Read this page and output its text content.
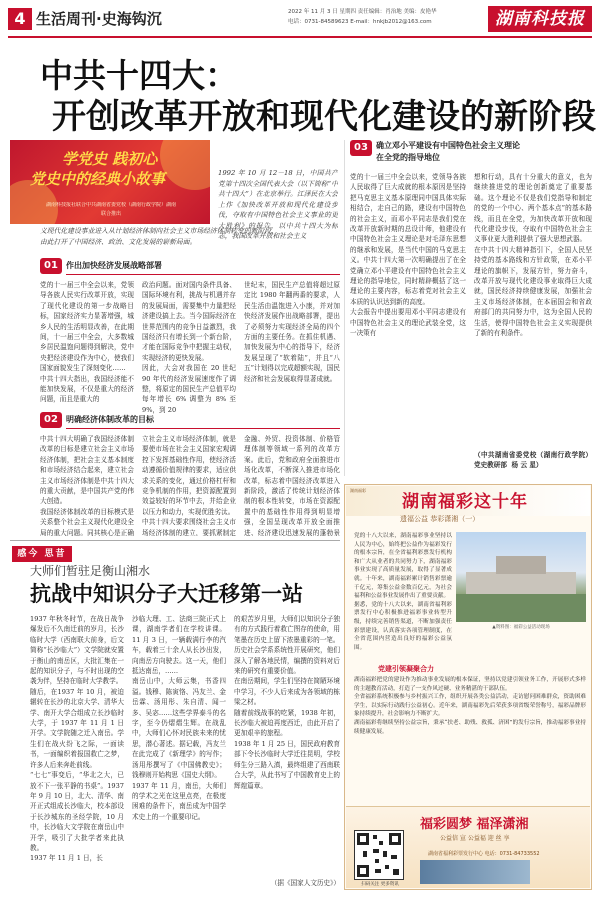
4 生活周刊·史海钩沉	2022 年 11 月 3 日 星期四 责任编辑：肖治地 美编：皮艳华
电话：0731-84589623 E-mail：hnkjb2012@163.com	湖南科技报
中共十四大：
开创改革开放和现代化建设的新阶段
学党史 践初心
党史中的经典小故事
湖南科技报社联合中共湖南省委党校（湖南行政学院）湖南
联合推出
1992 年 10 月 12－18 日，中国共产党第十四次全国代表大会（以下简称“中共十四大”）在北京举行。江泽民在大会上作《加快改革开放和现代化建设步伐，夺取有中国特色社会主义事业的更大胜利》的报告，以中共十四大为标志，我国改革开放和社会主义
义现代化建设事业进入从计划经济体制向社会主义市场经济体制转变的新阶段，
由此打开了中国经济、政治、文化发展的崭新局面。
01	作出加快经济发展战略部署
党的十一届三中全会以来，党领导各族人民实行改革开放，实现了现代化建设的第一步战略目标，国家经济实力显著增强，城乡人民的生活明显改善，在此期间，十一届三中全会，大多数城乡居民温饱问题得到解决，党中央把经济建设作为中心，使我们国家面貌发生了深刻变化……
中共十四大指出，我国经济能不能加快发展，不仅是重大的经济问题，而且是重大的
政治问题。面对国内条件具备、国际环境有利，挑战与机遇并存的发展局面，需要集中力量把经济建设搞上去。当今国际经济在世界范围内的竞争日益激烈，我国经济只有增长到一个新台阶，才能在国际竞争中把握主动权，实现经济的更快发展。
因此，大会对我国在 20 世纪 90 年代的经济发展速度作了调整，将原定的国民生产总值平均每年增长 6% 调整为 8% 至 9%，到 20
世纪末，国民生产总值将超过原定比 1980 年翻两番的要求，人民生活由温饱进入小康，并对加快经济发展作出战略部署，提出了必须努力实现经济全局的四个方面的主要任务。在抓住机遇、加快发展为中心的指导下，经济发展呈现了“软着陆”，并且“八五”计划得以完成超额实现，国民经济和社会发展取得显著成就。
02	明确经济体制改革的目标
中共十四大明确了我国经济体制改革的目标是建立社会主义市场经济体制，把社会主义基本制度和市场经济结合起来，建立社会主义市场经济体制是中共十四大的重大贡献，是中国共产党的伟大创造。
我国经济体制改革的目标模式是关系整个社会主义现代化建设全局的重大问题。同其核心是正确
立社会主义市场经济体制，就是要使市场在社会主义国家宏观调控下发挥基础性作用，使经济活动遵循价值规律的要求，适应供求关系的变化，通过价格杠杆和竞争机制的作用，把资源配置到效益较好的环节中去，并给企业以压力和动力，实现优胜劣汰。
中共十四大要求围绕社会主义市场经济体制的建立，要抓紧制定
金融、外贸、投资体制、价格管理体制等领域一系列的改革方案。此后，党和政府全面推进市场化改革，不断深入推进市场化改革，标志着中国经济改革进入新阶段，激活了传统计划经济体制的根本性转变，市场在资源配置中的基础性作用得到明显增强，全国呈现改革开放全面推进、经济建设迅速发展的蓬勃景
03	确立邓小平建设有中国特色社会主义理论
在全党的指导地位
党的十一届三中全会以来，党领导各族人民取得了巨大成就的根本原因是坚持把马克思主义基本原理同中国具体实际相结合，走自己的路，建设有中国特色的社会主义，而邓小平同志是我们党在改革开放新时期的总设计师，他建设有中国特色社会主义理论是对毛泽东思想的继承和发展，是当代中国的马克思主义。中共十四大第一次明确提出了在全党确立邓小平建设有中国特色社会主义理论的指导地位，同时精辟概括了这一理论的主要内容，标志着党对社会主义本质的认识达到新的高度。
大会报告中提出要用邓小平同志建设有中国特色社会主义的理论武装全党，这一决策有
想和行动，具有十分重大的意义，也为继续推进党的理论创新奠定了重要基础。这个理论不仅是我们党指导和制定的党的一个中心、两个基本点”的基本路线，而且在全党，为加快改革开放和现代化建设步伐，夺取有中国特色社会主义事业更大胜利提供了强大思想武器。
在中共十四大精神指引下，全国人民坚持党的基本路线和方针政策，在邓小平理论的旗帜下，发展方针，努力奋斗，改革开放与现代化建设事业取得巨大成就，国民经济持续健康发展，加强社会主义市场经济体制，在本届国会和省政府部门的共同努力中，这为全国人民的生活，使得中国特色社会主义实现提供了新的有利条件。
（中共湖南省委党校（湖南行政学院）党史教研部  杨 云 星）
感今 思昔
大师们暂驻足衡山湘水
抗战中知识分子大迁移第一站
1937 年秋冬时节，在战日战争爆发后不久南迁前的岁月，长沙临时大学（西南联大前身，后文简称“长沙临大”）文学院就安置于衡山的南岳区，大批汇集在一起的知识分子，与不时出现的空袭为伴，坚持在临时大学教学。
随后，在1937 年 10 月，被迫辗转在长沙的北京大学、清华大学、南开大学合组成立长沙临时大学，于 1937 年 11 月 1 日开学。文学院随之迁入南岳。学生们在战火纷飞之际，一面读书，一面编织着报国救亡之梦，许多人后来奔赴前线。
“七七”事变后，“华北之大，已放不下一张平静的书桌”。1937 年 9 月 10 日，北大、清华、南开正式组成长沙临大，校本部设于长沙城东的圣经学院，10 月中，长沙临大文学院在南岳山中开学，吸引了大批学者来此执教。
1937 年 11 月 1 日，长
沙临大理、工、法商三院正式上课，湖南学者们在学校讲课。11 月 3 日，一辆载满行李的汽车，载着三十余人从长沙出发，向南岳方向驶去。这一天，他们抵达南岳，……
南岳山中，大师云集，书香四溢。钱穆、陈寅恪、冯友兰、金岳霖、汤用彤、朱自清、闻一多、吴宓……这些学界泰斗的名字，至今仍熠熠生辉。在战乱中，大师们心怀对民族未来的忧思，潜心著述。据记载，冯友兰在此完成了《新理学》的写作；汤用彤撰写了《中国佛教史》；钱穆则开始构思《国史大纲》。
1937 年 11 月，南岳，大师们的学术之光在这里点亮，在极度困难的条件下，南岳成为中国学术史上的一个重要印记。
的艰苦岁月里，大师们以知识分子独有的方式践行着救亡图存的使命，用笔墨在历史上留下浓墨重彩的一笔。
历史社会学系系统性开展研究，他们深入了解各地民情，编撰的资料对后来的研究有重要价值。
在南岳期间，学生们坚持在简陋环境中学习，不少人后来成为各领域的栋梁之材。
随着前线战事的吃紧，1938 年初，长沙临大被迫再度西迁，由此开启了更加艰辛的旅程。
1938 年 1 月 25 日，国民政府教育部下令长沙临时大学迁往昆明，学校师生分三路入滇，最终组建了西南联合大学，从此书写了中国教育史上的辉煌篇章。
（据《国家人文历史》）
湖南福彩
湖南福彩这十年
遗福公益 恭彩潇湘（一）
党的十八大以来，湖南福彩事业坚持以人民为中心，始终把公益作为福彩发行的根本宗旨，在全省福利彩票发行机构和广大从业者的共同努力下，湖南福彩事业实现了高质量发展，取得了显著成就。十年来，湖南福彩累计销售彩票逾千亿元，筹集公益金数百亿元，为社会福利和公益事业发展作出了重要贡献。
据悉，党的十八大以来，湖南省福利彩票发行中心积极推进福彩事业转型升级，持续完善销售渠道，不断加强责任彩票建设，认真落实各项管理制度，在全省范围内营造出良好的福彩公益氛围。
▲资料图：福彩公益活动现场
党建引领凝聚合力
湖南福彩把党的建设作为推动事业发展的根本保证，坚持以党建引领业务工作，开展形式多样的主题教育活动，打造了一支作风过硬、业务精湛的干部队伍。
全省福彩系统积极参与乡村振兴工作，组织开展各类公益活动，走访慰问困难群众，资助困难学生，以实际行动践行公益初心。近年来，湖南福彩先后荣获多项省级荣誉称号，福彩品牌形象持续提升，社会影响力不断扩大。
湖南福彩将继续坚持公益宗旨，秉承“扶老、助残、救孤、济困”的发行宗旨，推动福彩事业持续健康发展。
福彩圆梦 福泽潇湘
公益信 宣 公益福 迎 丝 享
湖南省福利彩票发行中心 电话：0731-84733552
扫码关注 更多资讯
